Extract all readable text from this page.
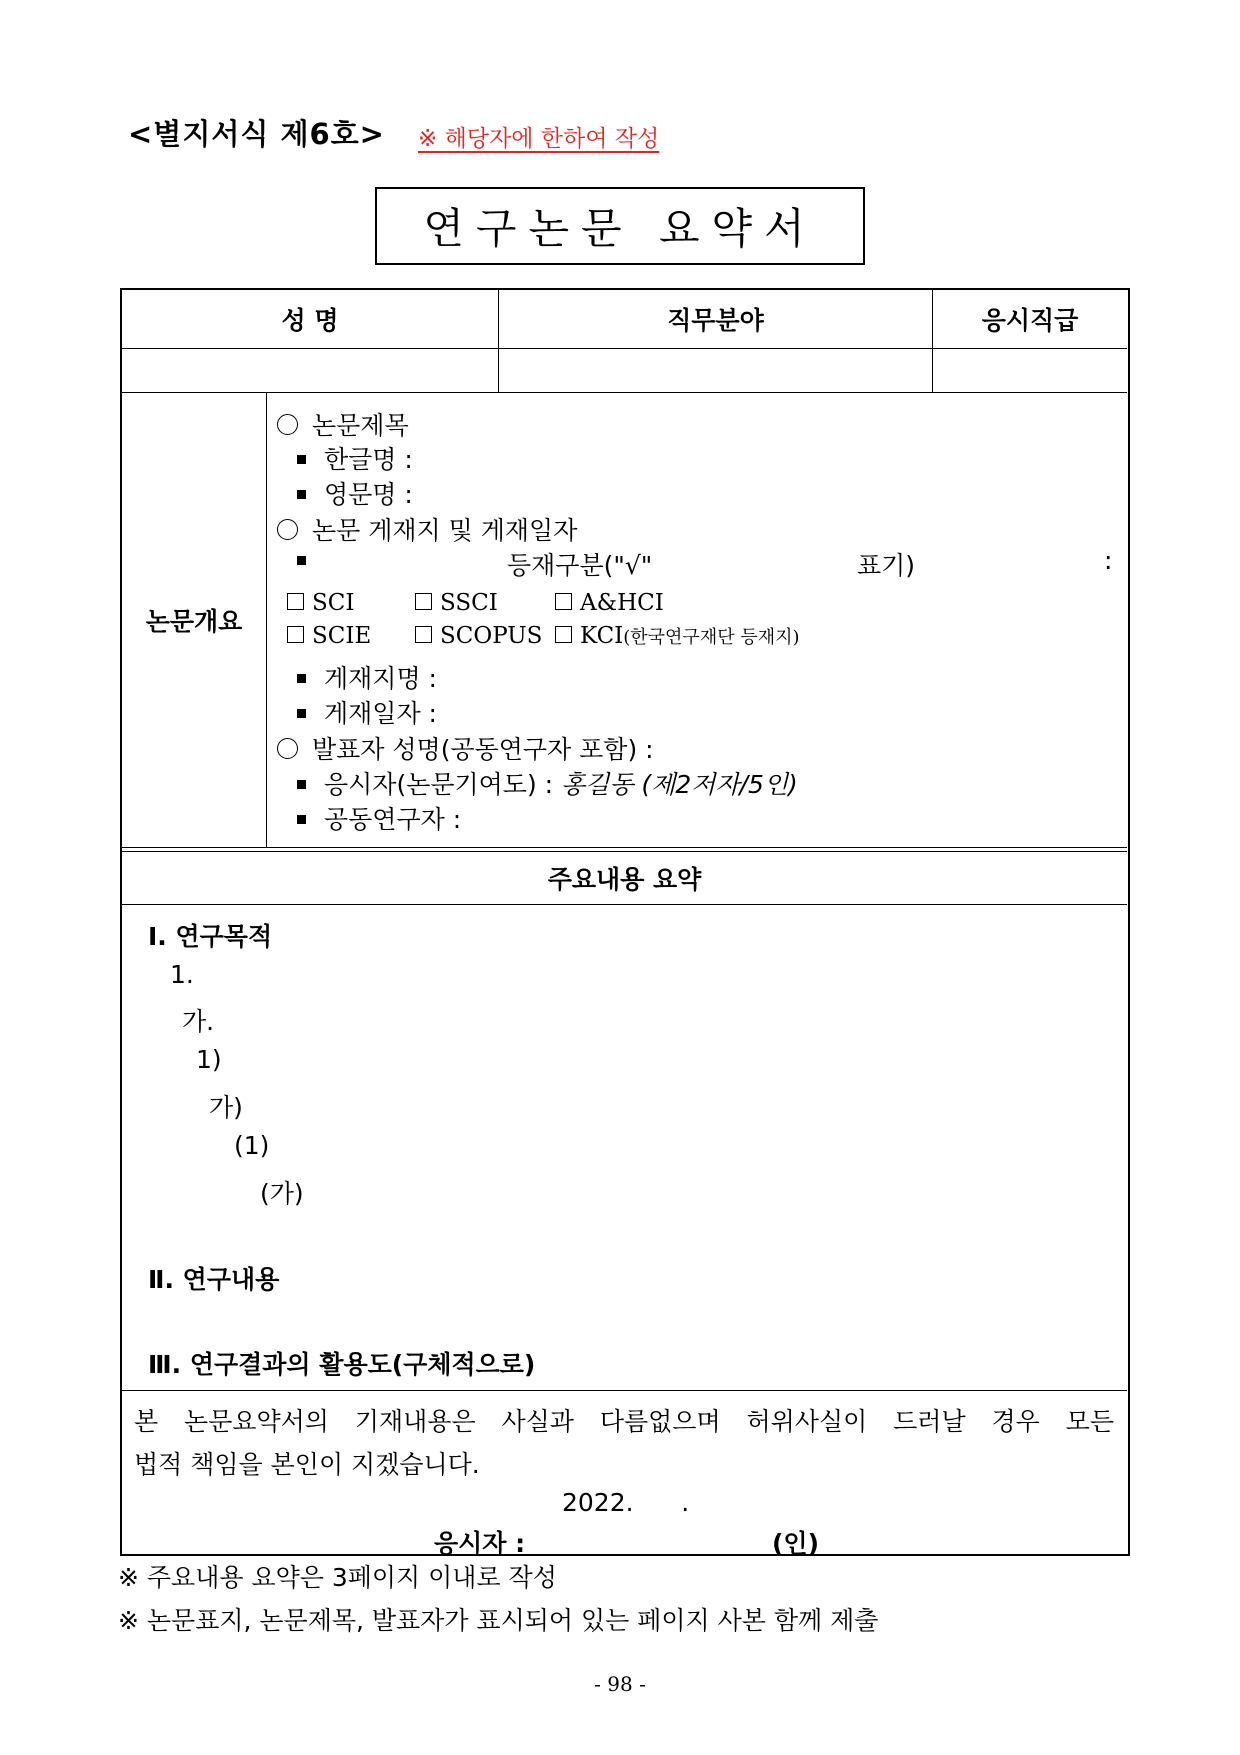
<별지서식 제6호> ※ 해당자에 한하여 작성
연구논문 요약서
성 명	직무분야	응시직급
논문개요
논문제목
한글명 :
영문명 :
논문 게재지 및 게재일자
등재구분("√"	표기)	:
SCI	SSCI	A&HCI
SCIE	SCOPUS	KCI(한국연구재단 등재지)
게재지명 :
게재일자 :
발표자 성명(공동연구자 포함) :
응시자(논문기여도) : 홍길동 (제2저자/5인)
공동연구자 :
주요내용 요약
Ⅰ. 연구목적
1.
가.
1)
가)
(1)
(가)
Ⅱ. 연구내용
Ⅲ. 연구결과의 활용도(구체적으로)
본 논문요약서의 기재내용은 사실과 다름없으며 허위사실이 드러날 경우 모든
법적 책임을 본인이 지겠습니다.
2022.      .
응시자 :	(인)
※ 주요내용 요약은 3페이지 이내로 작성
※ 논문표지, 논문제목, 발표자가 표시되어 있는 페이지 사본 함께 제출
- 98 -
